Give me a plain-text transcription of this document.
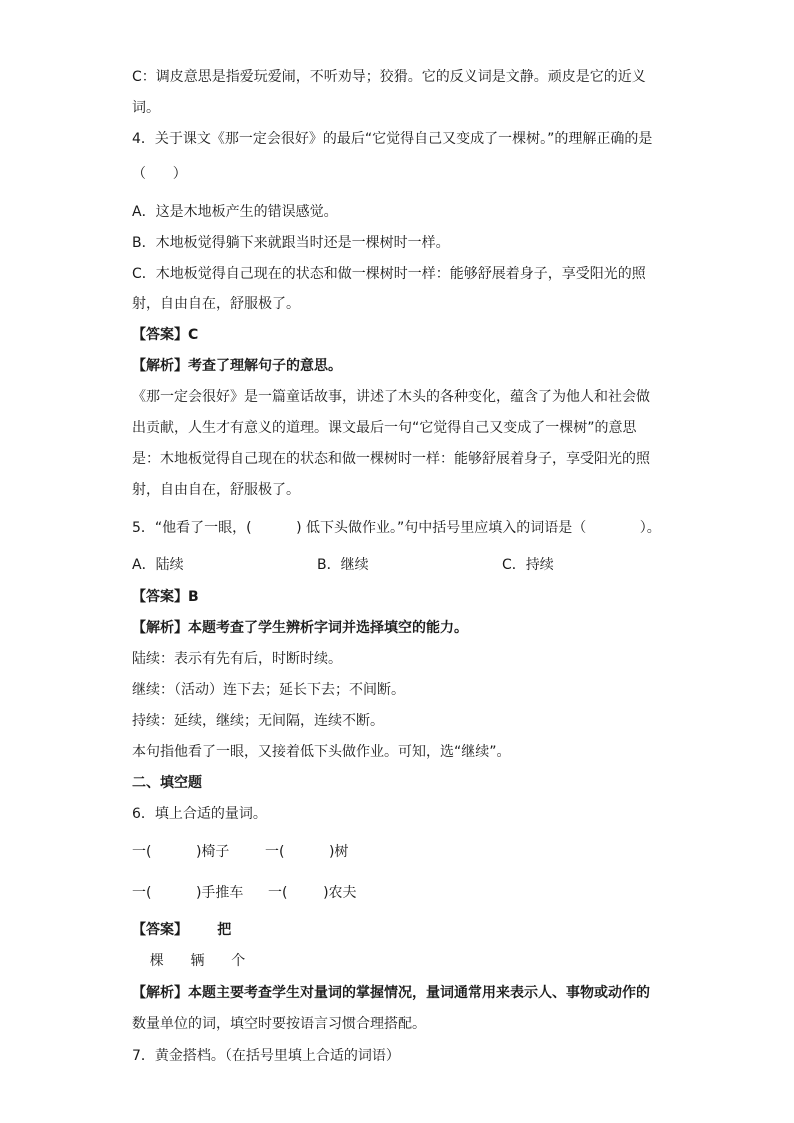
C：调皮意思是指爱玩爱闹，不听劝导；狡猾。它的反义词是文静。顽皮是它的近义
词。
4．关于课文《那一定会很好》的最后“它觉得自己又变成了一棵树。”的理解正确的是
（      ）
A．这是木地板产生的错误感觉。
B．木地板觉得躺下来就跟当时还是一棵树时一样。
C．木地板觉得自己现在的状态和做一棵树时一样：能够舒展着身子，享受阳光的照
射，自由自在，舒服极了。
【答案】C
【解析】考查了理解句子的意思。
《那一定会很好》是一篇童话故事，讲述了木头的各种变化，蕴含了为他人和社会做
出贡献，人生才有意义的道理。课文最后一句“它觉得自己又变成了一棵树”的意思
是：木地板觉得自己现在的状态和做一棵树时一样：能够舒展着身子，享受阳光的照
射，自由自在，舒服极了。
5．“他看了一眼，(          ) 低下头做作业。”句中括号里应填入的词语是（            ）。
A．陆续	B．继续	C．持续
【答案】B
【解析】本题考查了学生辨析字词并选择填空的能力。
陆续：表示有先有后，时断时续。
继续：（活动）连下去；延长下去；不间断。
持续：延续，继续；无间隔，连续不断。
本句指他看了一眼，又接着低下头做作业。可知，选“继续”。
二、填空题
6．填上合适的量词。
一(          )椅子	一(          )树
一(          )手推车 一(        )农夫
【答案】      把
棵      辆      个
【解析】本题主要考查学生对量词的掌握情况，量词通常用来表示人、事物或动作的
数量单位的词，填空时要按语言习惯合理搭配。
7．黄金搭档。（在括号里填上合适的词语）
